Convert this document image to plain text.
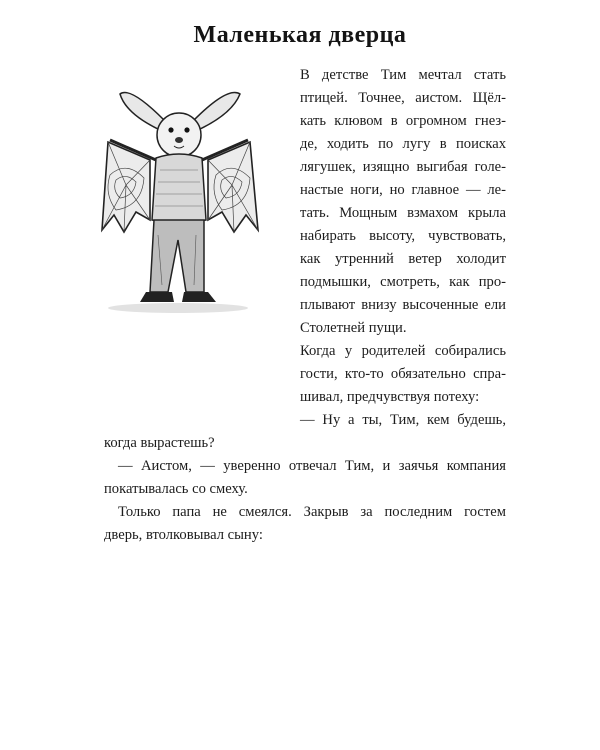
Маленькая дверца
В детстве Тим мечтал стать
птицей. Точнее, аистом. Щёл-
кать клювом в огромном гнез-
де, ходить по лугу в поисках
лягушек, изящно выгибая голе-
настые ноги, но главное — ле-
тать. Мощным взмахом крыла
набирать высоту, чувствовать,
как утренний ветер холодит
подмышки, смотреть, как про-
плывают внизу высоченные ели
Столетней пущи.
Когда у родителей собирались
гости, кто-то обязательно спра-
шивал, предчувствуя потеху:
— Ну а ты, Тим, кем будешь,
когда вырастешь?
— Аистом, — уверенно отвечал Тим, и заячья компания
покатывалась со смеху.
Только папа не смеялся. Закрыв за последним гостем
дверь, втолковывал сыну:
